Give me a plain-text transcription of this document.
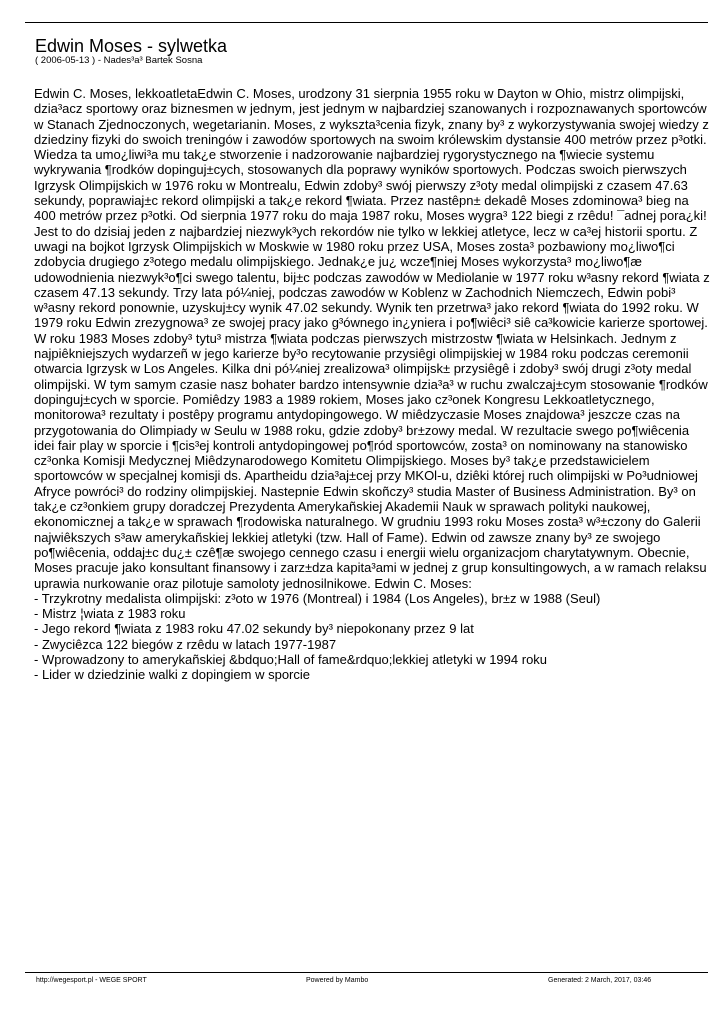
Edwin Moses - sylwetka
( 2006-05-13 ) - Nades³a³ Bartek Sosna

Edwin C. Moses, lekkoatletaEdwin C. Moses, urodzony 31 sierpnia 1955 roku w Dayton w Ohio, mistrz olimpijski, dzia³acz sportowy oraz biznesmen w jednym, jest jednym w najbardziej szanowanych i rozpoznawanych sportowców w Stanach Zjednoczonych, wegetarianin. Moses, z wykszta³cenia fizyk, znany by³ z wykorzystywania swojej wiedzy z dziedziny fizyki do swoich treningów i zawodów sportowych na swoim królewskim dystansie 400 metrów przez p³otki. Wiedza ta umo¿liwi³a mu tak¿e stworzenie i nadzorowanie najbardziej rygorystycznego na ¶wiecie systemu wykrywania ¶rodków dopinguj±cych, stosowanych dla poprawy wyników sportowych. Podczas swoich pierwszych Igrzysk Olimpijskich w 1976 roku w Montrealu, Edwin zdoby³ swój pierwszy z³oty medal olimpijski z czasem 47.63 sekundy, poprawiaj±c rekord olimpijski a tak¿e rekord ¶wiata. Przez nastêpn± dekadê Moses zdominowa³ bieg na 400 metrów przez p³otki. Od sierpnia 1977 roku do maja 1987 roku, Moses wygra³ 122 biegi z rzêdu! ¯adnej pora¿ki! Jest to do dzisiaj jeden z najbardziej niezwyk³ych rekordów nie tylko w lekkiej atletyce, lecz w ca³ej historii sportu. Z uwagi na bojkot Igrzysk Olimpijskich w Moskwie w 1980 roku przez USA, Moses zosta³ pozbawiony mo¿liwo¶ci zdobycia drugiego z³otego medalu olimpijskiego. Jednak¿e ju¿ wcze¶niej Moses wykorzysta³ mo¿liwo¶æ udowodnienia niezwyk³o¶ci swego talentu, bij±c podczas zawodów w Mediolanie w 1977 roku w³asny rekord ¶wiata z czasem 47.13 sekundy. Trzy lata pó¼niej, podczas zawodów w Koblenz w Zachodnich Niemczech, Edwin pobi³ w³asny rekord ponownie, uzyskuj±cy wynik 47.02 sekundy. Wynik ten przetrwa³ jako rekord ¶wiata do 1992 roku. W 1979 roku Edwin zrezygnowa³ ze swojej pracy jako g³ównego in¿yniera i po¶wiêci³ siê ca³kowicie karierze sportowej. W roku 1983 Moses zdoby³ tytu³ mistrza ¶wiata podczas pierwszych mistrzostw ¶wiata w Helsinkach. Jednym z najpiêkniejszych wydarzeñ w jego karierze by³o recytowanie przysiêgi olimpijskiej w 1984 roku podczas ceremonii otwarcia Igrzysk w Los Angeles. Kilka dni pó¼niej zrealizowa³ olimpijsk± przysiêgê i zdoby³ swój drugi z³oty medal olimpijski. W tym samym czasie nasz bohater bardzo intensywnie dzia³a³ w ruchu zwalczaj±cym stosowanie ¶rodków dopinguj±cych w sporcie. Pomiêdzy 1983 a 1989 rokiem, Moses jako cz³onek Kongresu Lekkoatletycznego, monitorowa³ rezultaty i postêpy programu antydopingowego. W miêdzyczasie Moses znajdowa³ jeszcze czas na przygotowania do Olimpiady w Seulu w 1988 roku, gdzie zdoby³ br±zowy medal. W rezultacie swego po¶wiêcenia idei fair play w sporcie i ¶cis³ej kontroli antydopingowej po¶ród sportowców, zosta³ on nominowany na stanowisko cz³onka Komisji Medycznej Miêdzynarodowego Komitetu Olimpijskiego. Moses by³ tak¿e przedstawicielem sportowców w specjalnej komisji ds. Apartheidu dzia³aj±cej przy MKOl-u, dziêki której ruch olimpijski w Po³udniowej Afryce powróci³ do rodziny olimpijskiej. Nastepnie Edwin skoñczy³ studia Master of Business Administration. By³ on tak¿e cz³onkiem grupy doradczej Prezydenta Amerykañskiej Akademii Nauk w sprawach polityki naukowej, ekonomicznej a tak¿e w sprawach ¶rodowiska naturalnego. W grudniu 1993 roku Moses zosta³ w³±czony do Galerii najwiêkszych s³aw amerykañskiej lekkiej atletyki (tzw. Hall of Fame). Edwin od zawsze znany by³ ze swojego po¶wiêcenia, oddaj±c du¿± czê¶æ swojego cennego czasu i energii wielu organizacjom charytatywnym. Obecnie, Moses pracuje jako konsultant finansowy i zarz±dza kapita³ami w jednej z grup konsultingowych, a w ramach relaksu uprawia nurkowanie oraz pilotuje samoloty jednosilnikowe. Edwin C. Moses:

- Trzykrotny medalista olimpijski: z³oto w 1976 (Montreal) i 1984 (Los Angeles), br±z w 1988 (Seul)
- Mistrz ¦wiata z 1983 roku
- Jego rekord ¶wiata z 1983 roku 47.02 sekundy by³ niepokonany przez 9 lat
- Zwyciêzca 122 biegów z rzêdu w latach 1977-1987
- Wprowadzony to amerykañskiej &bdquo;Hall of fame&rdquo;lekkiej atletyki w 1994 roku
- Lider w dziedzinie walki z dopingiem w sporcie
http://wegesport.pl - WEGE SPORT	Powered by Mambo	Generated: 2 March, 2017, 03:46
